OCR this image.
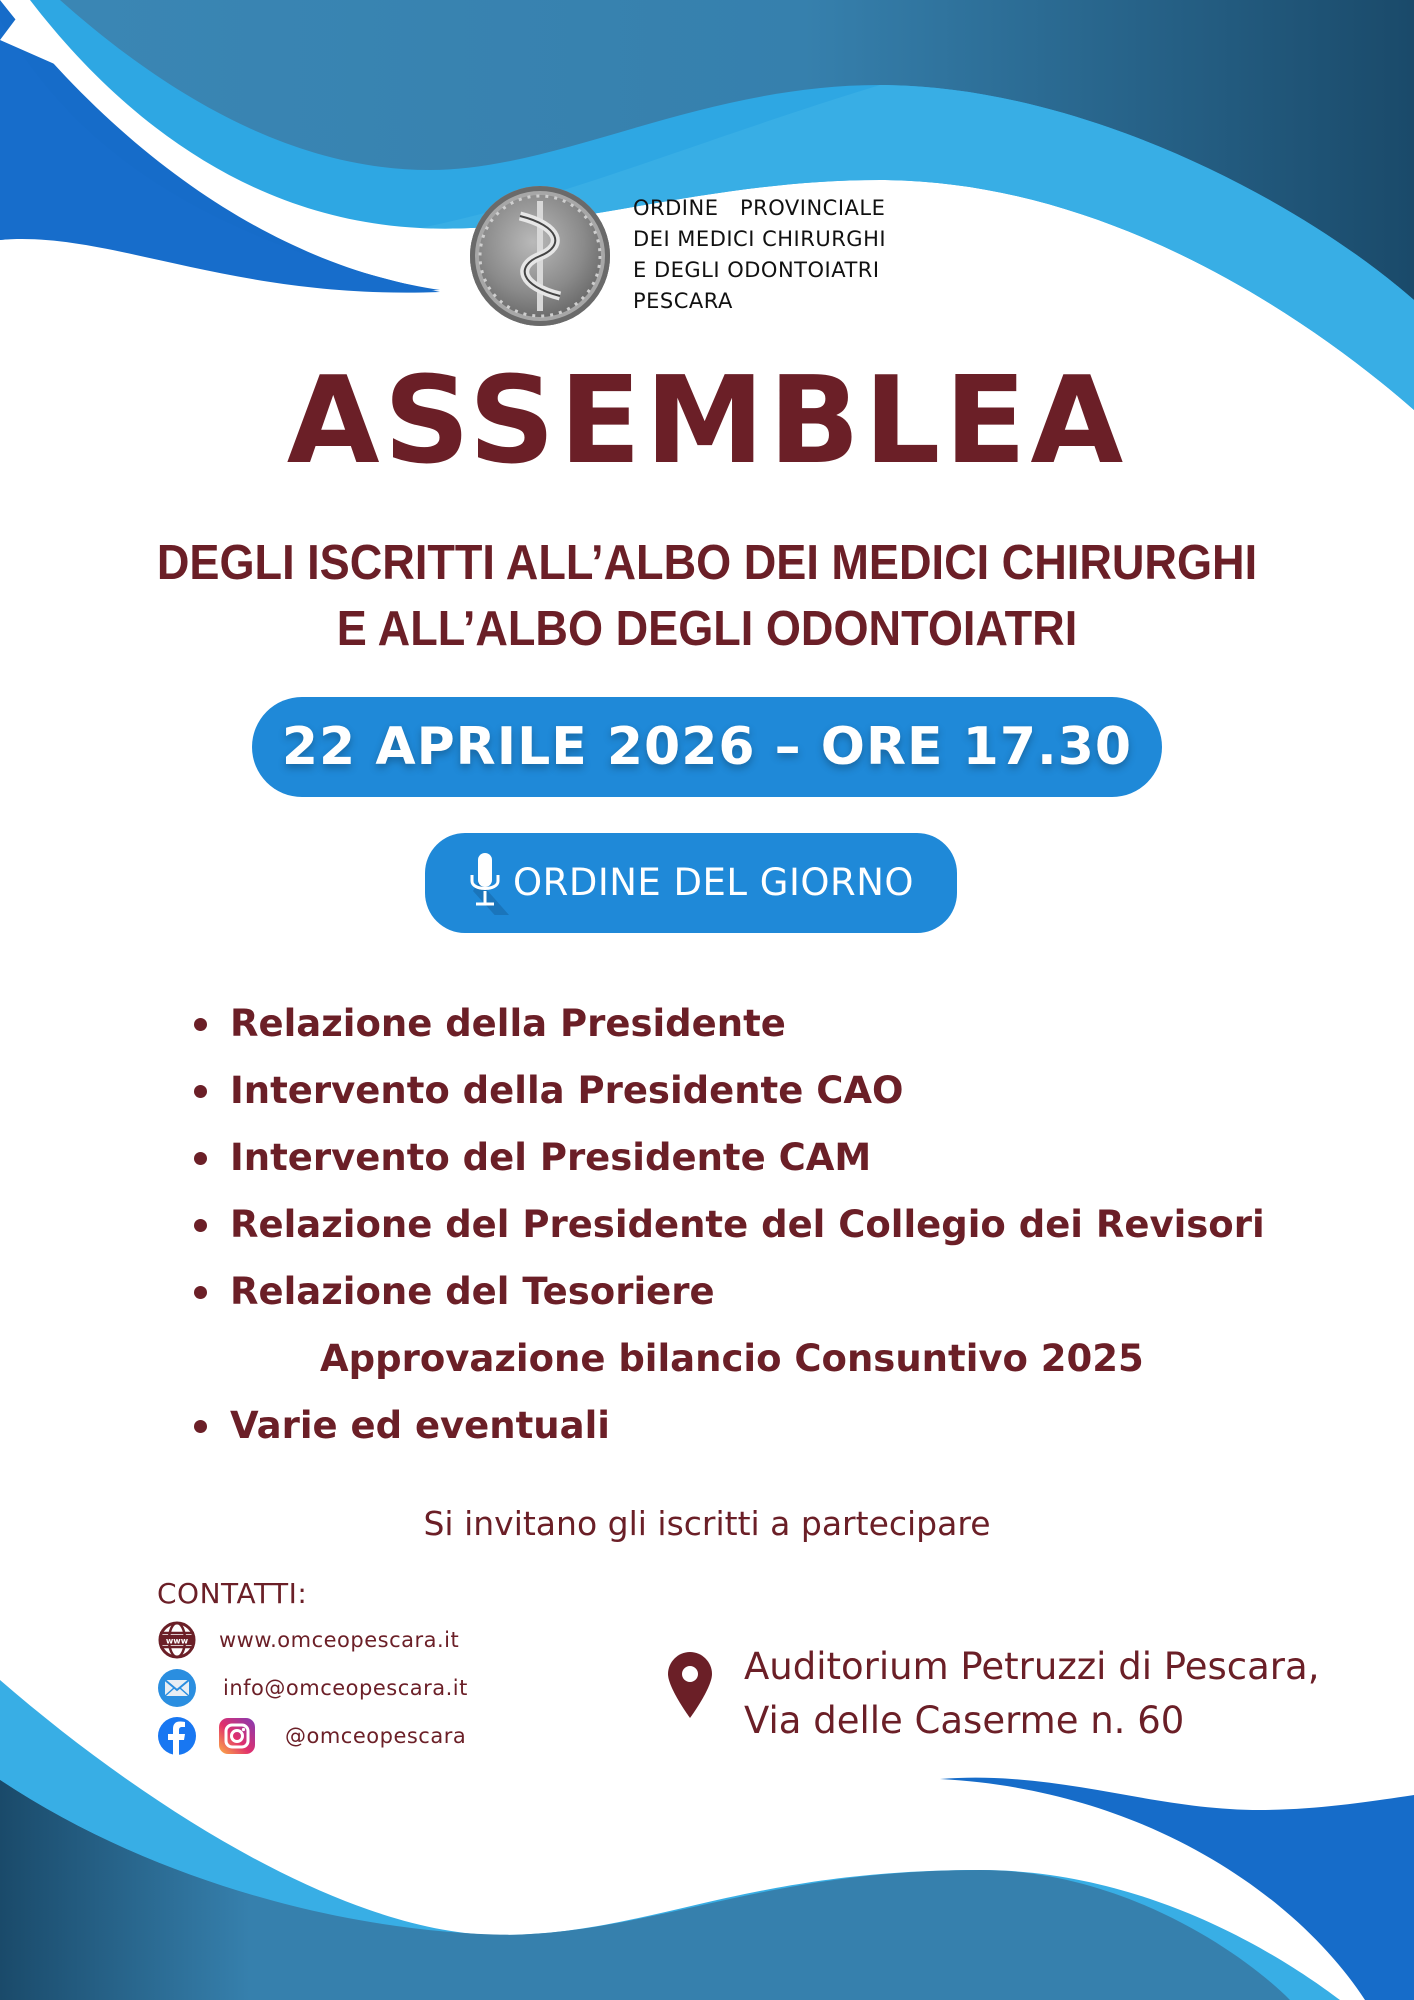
ORDINE   PROVINCIALE
DEI MEDICI CHIRURGHI
E DEGLI ODONTOIATRI
PESCARA
ASSEMBLEA
DEGLI ISCRITTI ALL’ALBO DEI MEDICI CHIRURGHI
E ALL’ALBO DEGLI ODONTOIATRI
22 APRILE 2026 – ORE 17.30
ORDINE DEL GIORNO
Relazione della Presidente
Intervento della Presidente CAO
Intervento del Presidente CAM
Relazione del Presidente del Collegio dei Revisori
Relazione del Tesoriere
Approvazione bilancio Consuntivo 2025
Varie ed eventuali
Si invitano gli iscritti a partecipare
CONTATTI:
www www.omceopescara.it
info@omceopescara.it
@omceopescara
Auditorium Petruzzi di Pescara,
Via delle Caserme n. 60
